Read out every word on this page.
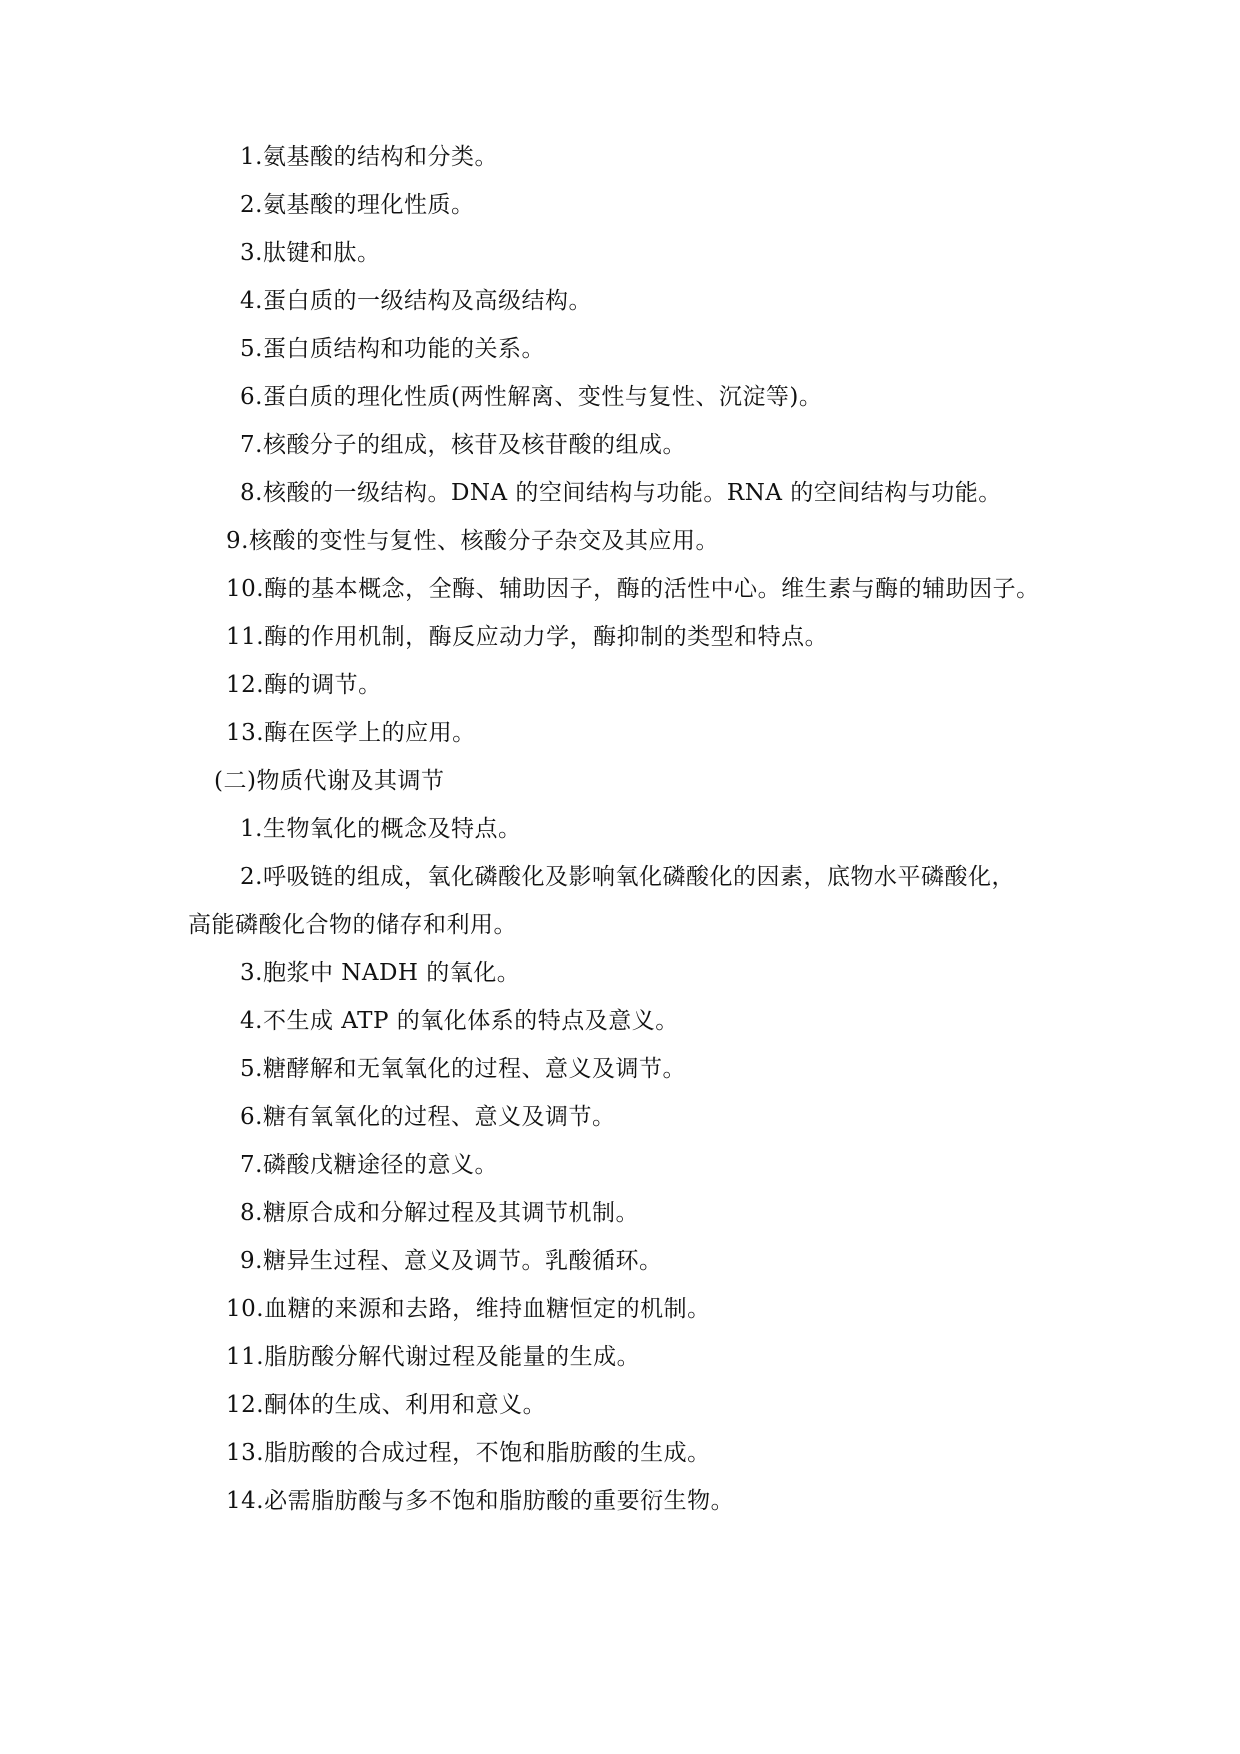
1.氨基酸的结构和分类。
2.氨基酸的理化性质。
3.肽键和肽。
4.蛋白质的一级结构及高级结构。
5.蛋白质结构和功能的关系。
6.蛋白质的理化性质(两性解离、变性与复性、沉淀等)。
7.核酸分子的组成，核苷及核苷酸的组成。
8.核酸的一级结构。DNA 的空间结构与功能。RNA 的空间结构与功能。
9.核酸的变性与复性、核酸分子杂交及其应用。
10.酶的基本概念，全酶、辅助因子，酶的活性中心。维生素与酶的辅助因子。
11.酶的作用机制，酶反应动力学，酶抑制的类型和特点。
12.酶的调节。
13.酶在医学上的应用。
(二)物质代谢及其调节
1.生物氧化的概念及特点。
2.呼吸链的组成，氧化磷酸化及影响氧化磷酸化的因素，底物水平磷酸化，
高能磷酸化合物的储存和利用。
3.胞浆中 NADH 的氧化。
4.不生成 ATP 的氧化体系的特点及意义。
5.糖酵解和无氧氧化的过程、意义及调节。
6.糖有氧氧化的过程、意义及调节。
7.磷酸戊糖途径的意义。
8.糖原合成和分解过程及其调节机制。
9.糖异生过程、意义及调节。乳酸循环。
10.血糖的来源和去路，维持血糖恒定的机制。
11.脂肪酸分解代谢过程及能量的生成。
12.酮体的生成、利用和意义。
13.脂肪酸的合成过程，不饱和脂肪酸的生成。
14.必需脂肪酸与多不饱和脂肪酸的重要衍生物。
